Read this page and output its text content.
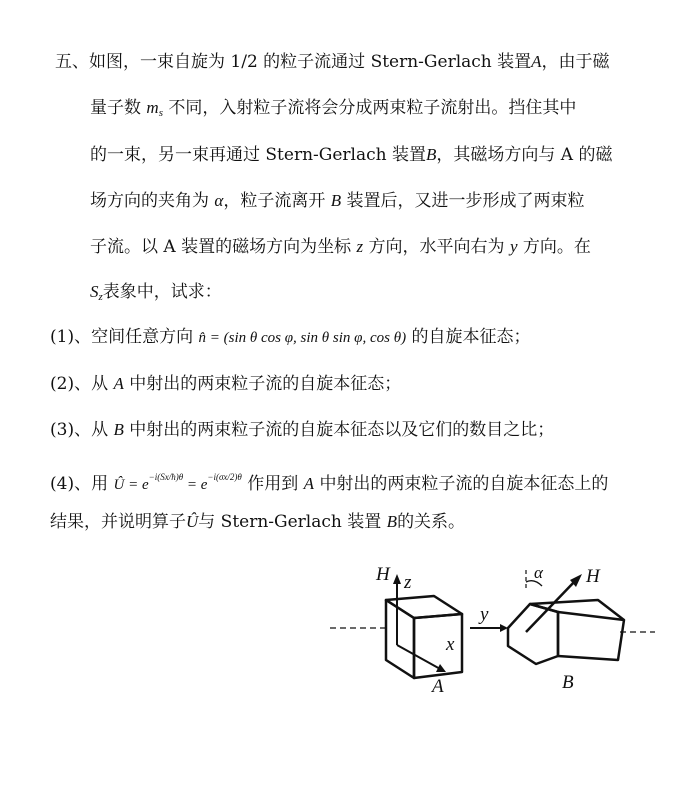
五、如图，一束自旋为 1/2 的粒子流通过 Stern-Gerlach 装置A，由于磁
量子数 $m_s$ 不同，入射粒子流将会分成两束粒子流射出。挡住其中
的一束，另一束再通过 Stern-Gerlach 装置B，其磁场方向与 A 的磁
场方向的夹角为 α，粒子流离开 B 装置后，又进一步形成了两束粒
子流。以 A 装置的磁场方向为坐标 z 方向，水平向右为 y 方向。在
$S_z$表象中，试求：
(1)、空间任意方向 n̂ = (sin θ cos φ, sin θ sin φ, cos θ) 的自旋本征态；
(2)、从 A 中射出的两束粒子流的自旋本征态；
(3)、从 B 中射出的两束粒子流的自旋本征态以及它们的数目之比；
(4)、用 Û = $e^{-i(Sx/ħ)\theta} = e^{-i(\sigma x/2)\theta}$ 作用到 A 中射出的两束粒子流的自旋本征态上的
结果，并说明算子Û与 Stern-Gerlach 装置 B的关系。
H z
y
x
A
α H
B
